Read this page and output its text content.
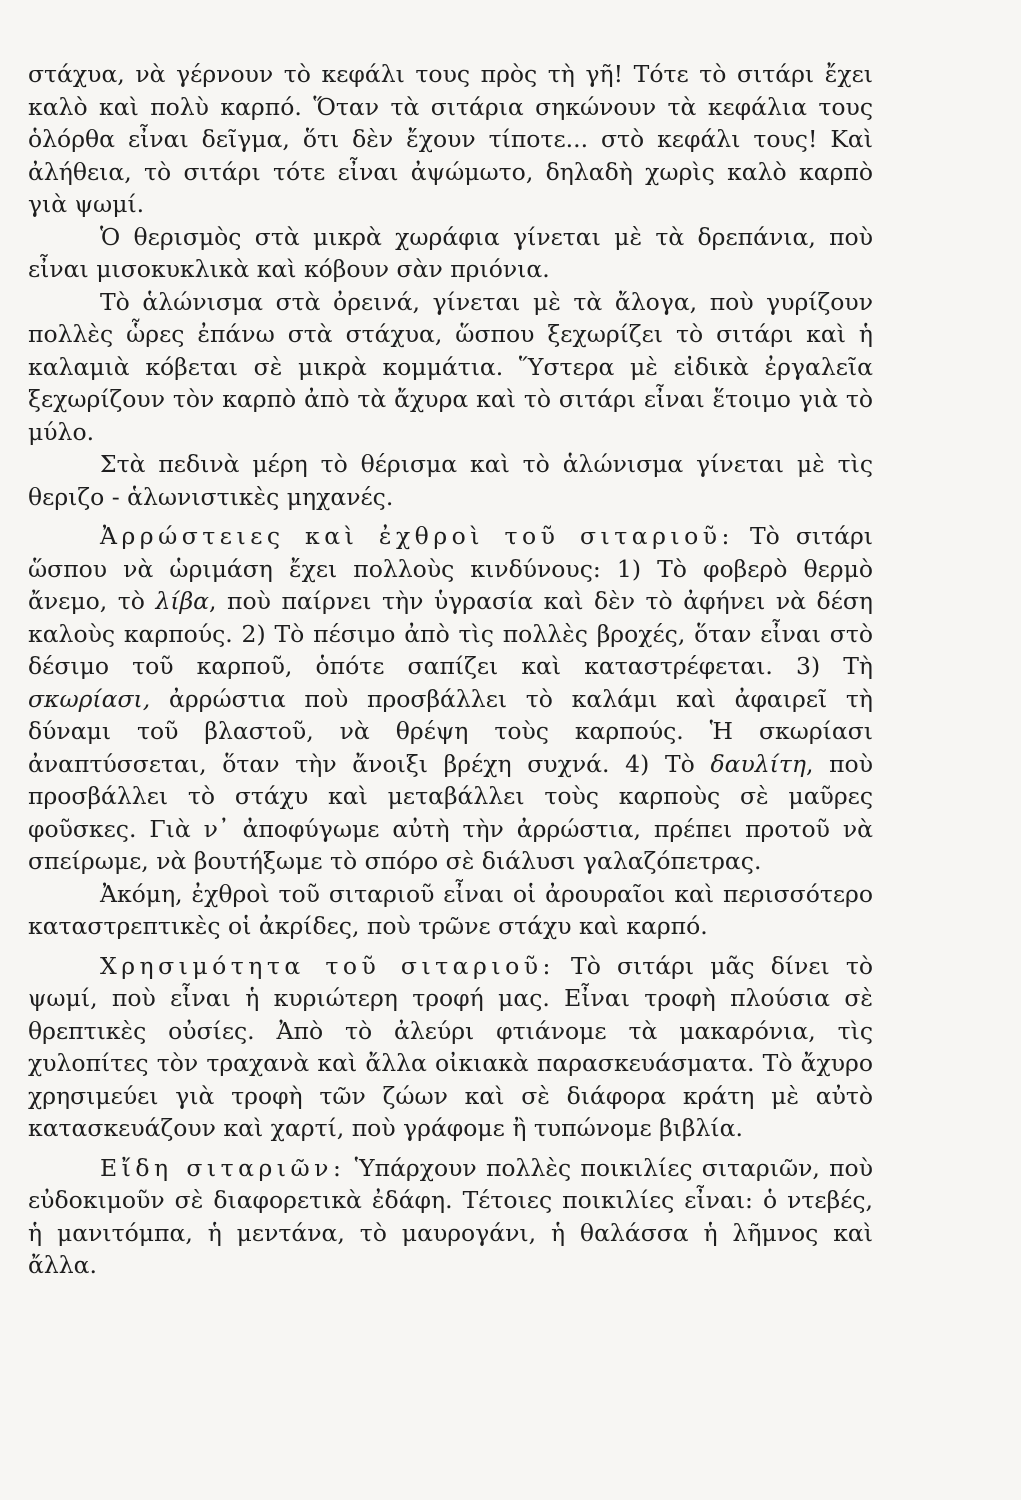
στάχυα, νὰ γέρνουν τὸ κεφάλι τους πρὸς τὴ γῆ! Τότε τὸ σιτάρι ἔχει καλὸ καὶ πολὺ καρπό. Ὅταν τὰ σιτάρια σηκώνουν τὰ κεφάλια τους ὁλόρθα εἶναι δεῖγμα, ὅτι δὲν ἔχουν τίποτε... στὸ κεφάλι τους! Καὶ ἀλήθεια, τὸ σιτάρι τότε εἶναι ἀψώμωτο, δηλαδὴ χωρὶς καλὸ καρπὸ γιὰ ψωμί.

Ὁ θερισμὸς στὰ μικρὰ χωράφια γίνεται μὲ τὰ δρεπάνια, ποὺ εἶναι μισοκυκλικὰ καὶ κόβουν σὰν πριόνια.

Τὸ ἁλώνισμα στὰ ὀρεινά, γίνεται μὲ τὰ ἄλογα, ποὺ γυρίζουν πολλὲς ὧρες ἐπάνω στὰ στάχυα, ὥσπου ξεχωρίζει τὸ σιτάρι καὶ ἡ καλαμιὰ κόβεται σὲ μικρὰ κομμάτια. Ὕστερα μὲ εἰδικὰ ἐργαλεῖα ξεχωρίζουν τὸν καρπὸ ἀπὸ τὰ ἄχυρα καὶ τὸ σιτάρι εἶναι ἕτοιμο γιὰ τὸ μύλο.

Στὰ πεδινὰ μέρη τὸ θέρισμα καὶ τὸ ἁλώνισμα γίνεται μὲ τὶς θεριζο - ἁλωνιστικὲς μηχανές.

Ἀρρώστειες καὶ ἐχθροὶ τοῦ σιταριοῦ: Τὸ σιτάρι ὥσπου νὰ ὡριμάση ἔχει πολλοὺς κινδύνους: 1) Τὸ φοβερὸ θερμὸ ἄνεμο, τὸ λίβα, ποὺ παίρνει τὴν ὑγρασία καὶ δὲν τὸ ἀφήνει νὰ δέση καλοὺς καρπούς. 2) Τὸ πέσιμο ἀπὸ τὶς πολλὲς βροχές, ὅταν εἶναι στὸ δέσιμο τοῦ καρποῦ, ὁπότε σαπίζει καὶ καταστρέφεται. 3) Τὴ σκωρίασι, ἀρρώστια ποὺ προσβάλλει τὸ καλάμι καὶ ἀφαιρεῖ τὴ δύναμι τοῦ βλαστοῦ, νὰ θρέψη τοὺς καρπούς. Ἡ σκωρίασι ἀναπτύσσεται, ὅταν τὴν ἄνοιξι βρέχη συχνά. 4) Τὸ δαυλίτη, ποὺ προσβάλλει τὸ στάχυ καὶ μεταβάλλει τοὺς καρποὺς σὲ μαῦρες φοῦσκες. Γιὰ ν᾽ ἀποφύγωμε αὐτὴ τὴν ἀρρώστια, πρέπει προτοῦ νὰ σπείρωμε, νὰ βουτήξωμε τὸ σπόρο σὲ διάλυσι γαλαζόπετρας.

Ἀκόμη, ἐχθροὶ τοῦ σιταριοῦ εἶναι οἱ ἀρουραῖοι καὶ περισσότερο καταστρεπτικὲς οἱ ἀκρίδες, ποὺ τρῶνε στάχυ καὶ καρπό.

Χρησιμότητα τοῦ σιταριοῦ: Τὸ σιτάρι μᾶς δίνει τὸ ψωμί, ποὺ εἶναι ἡ κυριώτερη τροφή μας. Εἶναι τροφὴ πλούσια σὲ θρεπτικὲς οὐσίες. Ἀπὸ τὸ ἀλεύρι φτιάνομε τὰ μακαρόνια, τὶς χυλοπίτες τὸν τραχανὰ καὶ ἄλλα οἰκιακὰ παρασκευάσματα. Τὸ ἄχυρο χρησιμεύει γιὰ τροφὴ τῶν ζώων καὶ σὲ διάφορα κράτη μὲ αὐτὸ κατασκευάζουν καὶ χαρτί, ποὺ γράφομε ἢ τυπώνομε βιβλία.

Εἴδη σιταριῶν: Ὑπάρχουν πολλὲς ποικιλίες σιταριῶν, ποὺ εὐδοκιμοῦν σὲ διαφορετικὰ ἐδάφη. Τέτοιες ποικιλίες εἶναι: ὁ ντεβές, ἡ μανιτόμπα, ἡ μεντάνα, τὸ μαυρογάνι, ἡ θαλάσσα ἡ λῆμνος καὶ ἄλλα.
